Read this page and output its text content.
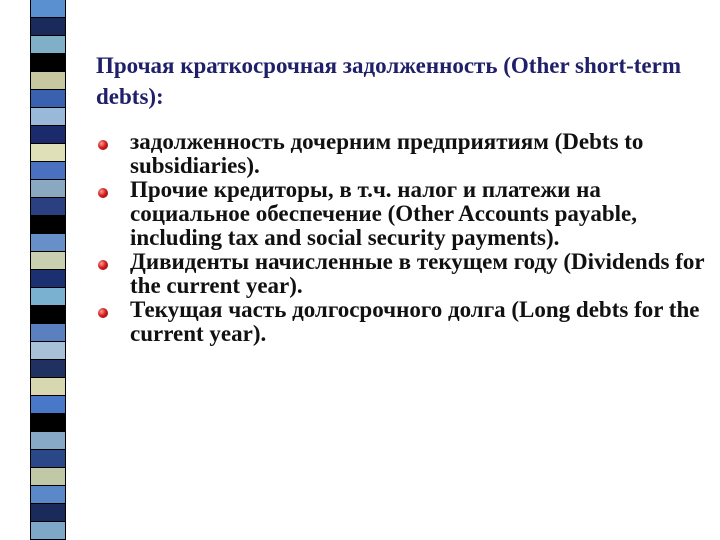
Прочая краткосрочная задолженность (Other short-term debts):
задолженность дочерним предприятиям (Debts to subsidiaries).
Прочие кредиторы, в т.ч. налог и платежи на социальное обеспечение (Other Accounts payable, including tax and social security payments).
Дивиденты начисленные в текущем году (Dividends for the current year).
Текущая часть долгосрочного долга (Long debts for the current year).
